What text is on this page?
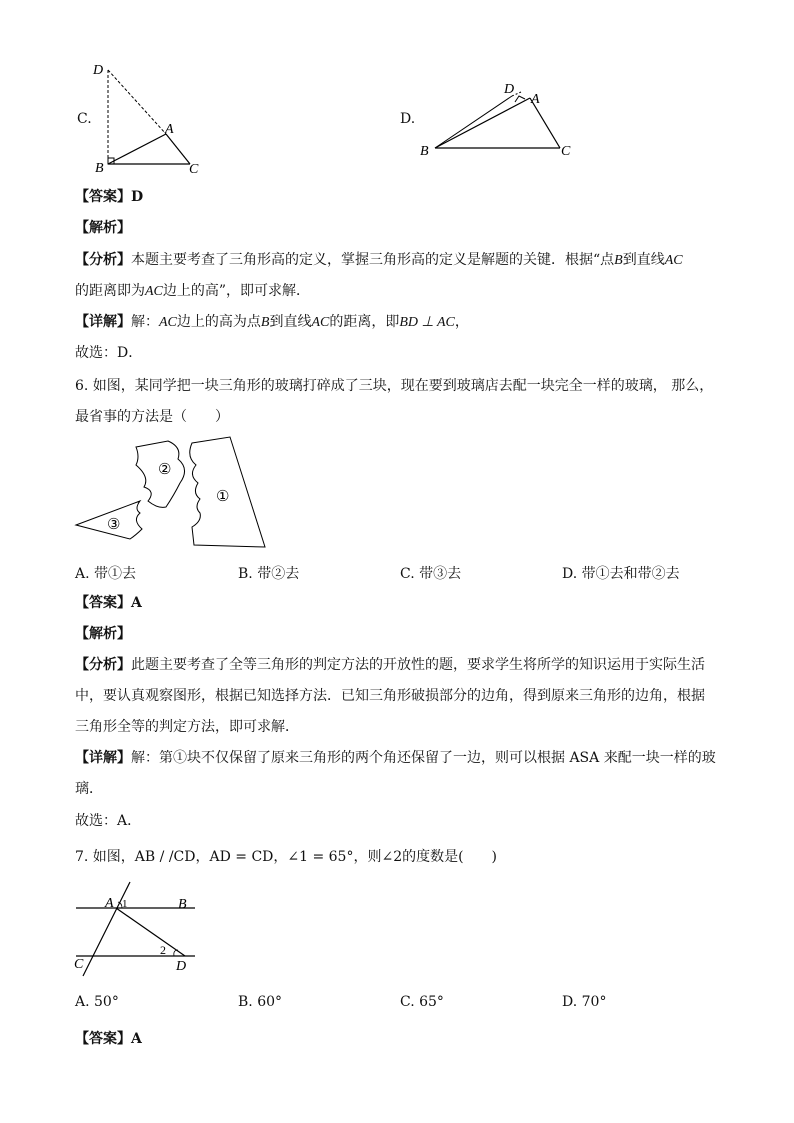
C.
D
A
B	C
D.
D
A
B	C
【答案】D
【解析】
【分析】本题主要考查了三角形高的定义，掌握三角形高的定义是解题的关键．根据“点B到直线AC
的距离即为AC边上的高”，即可求解．
【详解】解：AC边上的高为点B到直线AC的距离，即BD ⊥ AC，
故选：D．
6. 如图，某同学把一块三角形的玻璃打碎成了三块，现在要到玻璃店去配一块完全一样的玻璃， 那么，
最省事的方法是（　　）
③
②
①
A. 带①去	B. 带②去	C. 带③去	D. 带①去和带②去
【答案】A
【解析】
【分析】此题主要考查了全等三角形的判定方法的开放性的题，要求学生将所学的知识运用于实际生活
中，要认真观察图形，根据已知选择方法．已知三角形破损部分的边角，得到原来三角形的边角，根据
三角形全等的判定方法，即可求解．
【详解】解：第①块不仅保留了原来三角形的两个角还保留了一边，则可以根据 ASA 来配一块一样的玻
璃．
故选：A．
7. 如图，AB / /CD，AD = CD，∠1 = 65°，则∠2的度数是(　　)
A 1	B
C
2
D
A. 50°	B. 60°	C. 65°	D. 70°
【答案】A
